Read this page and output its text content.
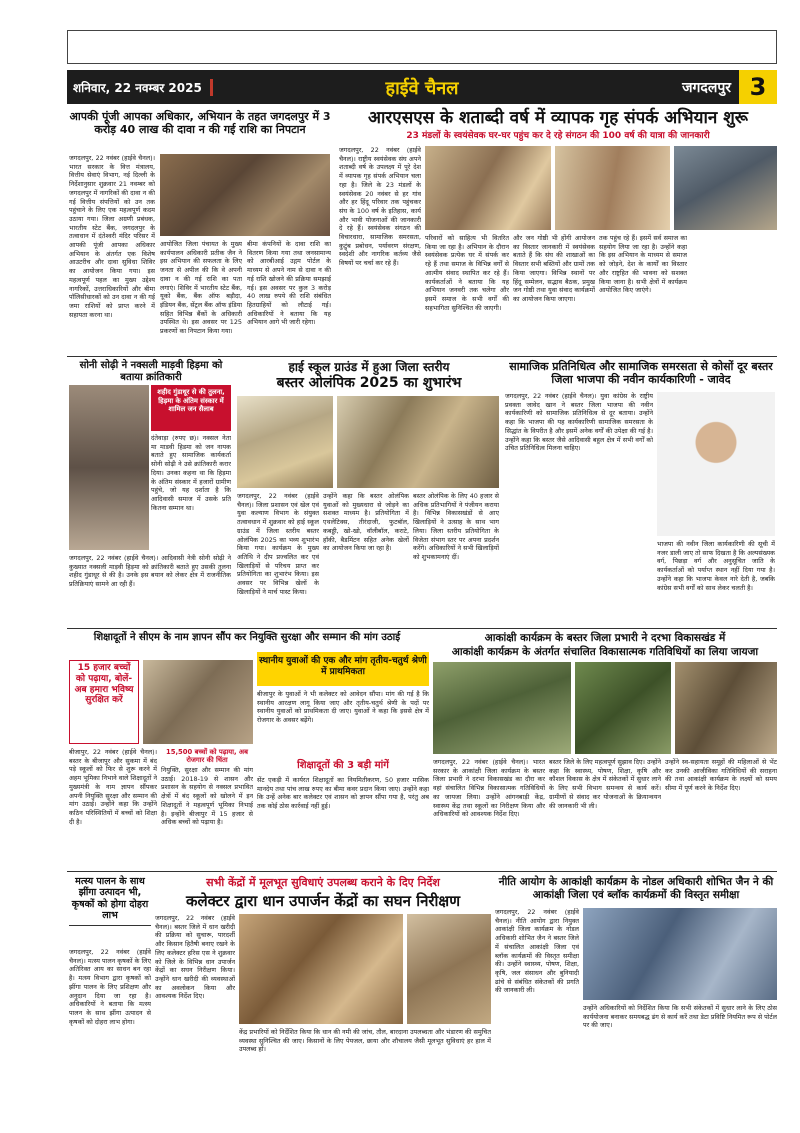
शनिवार, 22 नवम्बर 2025	हाईवे चैनल	जगदलपुर 3
आपकी पूंजी आपका अधिकार, अभियान के तहत जगदलपुर में 3 करोड़ 40 लाख की दावा न की गई राशि का निपटान
जगदलपुर, 22 नवंबर (हाईवे चैनल)। भारत सरकार के वित्त मंत्रालय, वित्तीय सेवाएं विभाग, नई दिल्ली के निर्देशानुसार शुक्रवार 21 नवम्बर को जगदलपुर में नागरिकों की दावा न की गई वित्तीय संपत्तियों को उन तक पहुंचाने के लिए एक महत्वपूर्ण कदम उठाया गया। जिला अग्रणी प्रबंधक, भारतीय स्टेट बैंक, जगदलपुर के तत्वाधान में दंतेश्वरी मंदिर परिसर में आपकी पूंजी आपका अधिकार अभियान के अंतर्गत एक विशेष आउटरीच और दावा सुविधा शिविर का आयोजन किया गया। इस महत्वपूर्ण पहल का मुख्य उद्देश्य नागरिकों, उत्तराधिकारियों और बीमा पॉलिसीधारकों को उन दावा न की गई जमा राशियों को प्राप्त करने में सहायता करना था।
आयोजित जिला पंचायत के मुख्य कार्यपालन अधिकारी प्रतीक जैन ने इस अभियान की सफलता के लिए जनता से अपील की कि वे अपनी दावा न की गई राशि का पता लगाएं। शिविर में भारतीय स्टेट बैंक, यूको बैंक, बैंक ऑफ बड़ौदा, इंडियन बैंक, सेंट्रल बैंक ऑफ इंडिया सहित विभिन्न बैंकों के अधिकारी उपस्थित थे। इस अवसर पर 125 प्रकरणों का निपटान किया गया।
बीमा कंपनियों के दावा राशि का वितरण किया गया तथा जनसामान्य को आरबीआई उद्गम पोर्टल के माध्यम से अपने नाम से दावा न की गई राशि खोजने की प्रक्रिया समझाई गई। इस अवसर पर कुल 3 करोड़ 40 लाख रुपये की राशि संबंधित हितग्राहियों को लौटाई गई। अधिकारियों ने बताया कि यह अभियान आगे भी जारी रहेगा।
आरएसएस के शताब्दी वर्ष में व्यापक गृह संपर्क अभियान शुरू
23 मंडलों के स्वयंसेवक घर-घर पहुंच कर दे रहे संगठन की 100 वर्ष की यात्रा की जानकारी
जगदलपुर, 22 नवंबर (हाईवे चैनल)। राष्ट्रीय स्वयंसेवक संघ अपने शताब्दी वर्ष के उपलक्ष्य में पूरे देश में व्यापक गृह संपर्क अभियान चला रहा है। जिले के 23 मंडलों के स्वयंसेवक 20 नवंबर से हर गांव और हर हिंदू परिवार तक पहुंचकर संघ के 100 वर्ष के इतिहास, कार्य और भावी योजनाओं की जानकारी दे रहे हैं। स्वयंसेवक संगठन की विचारधारा, सामाजिक समरसता, कुटुंब प्रबोधन, पर्यावरण संरक्षण, स्वदेशी और नागरिक कर्तव्य जैसे विषयों पर चर्चा कर रहे हैं।
परिवारों को साहित्य भी वितरित किया जा रहा है। अभियान के दौरान स्वयंसेवक प्रत्येक घर में संपर्क कर रहे हैं तथा समाज के विभिन्न वर्गों से आत्मीय संवाद स्थापित कर रहे हैं। कार्यकर्ताओं ने बताया कि यह अभियान जनवरी तक चलेगा और इसमें समाज के सभी वर्गों की सहभागिता सुनिश्चित की जाएगी।
और जन गोष्ठी भी होंगी आयोजन का विस्तार जानकारी में स्वयंसेवक बताते हैं कि संघ की शाखाओं का विस्तार सभी बस्तियों और ग्रामों तक किया जाएगा। विभिन्न स्थानों पर हिंदू सम्मेलन, सद्भाव बैठक, प्रमुख जन गोष्ठी तथा युवा संवाद कार्यक्रमों का आयोजन किया जाएगा।
तक पहुंच रहे हैं। इसमें सर्व समाज का सहयोग लिया जा रहा है। उन्होंने कहा कि इस अभियान के माध्यम से समाज को जोड़ने, देश के कार्यों का विस्तार और राष्ट्रहित की भावना को सशक्त किया जाना है। सभी क्षेत्रों में कार्यक्रम आयोजित किए जाएंगे।
सोनी सोढ़ी ने नक्सली माड़वी हिड़मा को बताया क्रांतिकारी
शहीद गुंडाधूर से की तुलना, हिड़मा के अंतिम संस्कार में शामिल जन सैलाब
दंतेवाड़ा (रुपए छ)। नक्सल नेता मा माडवी हिडमा को जन नायक बताते हुए सामाजिक कार्यकर्ता सोनी सोढ़ी ने उसे क्रांतिकारी करार दिया। उनका कहना था कि हिड़मा के अंतिम संस्कार में हजारों ग्रामीण पहुंचे, जो यह दर्शाता है कि आदिवासी समाज में उसके प्रति कितना सम्मान था।
जगदलपुर, 22 नवंबर (हाईवे चैनल)। आदिवासी नेत्री सोनी सोढ़ी ने कुख्यात नक्सली माड़वी हिड़मा को क्रांतिकारी बताते हुए उसकी तुलना शहीद गुंडाधूर से की है। उनके इस बयान को लेकर क्षेत्र में राजनीतिक प्रतिक्रियाएं सामने आ रही हैं।
हाई स्कूल ग्राउंड में हुआ जिला स्तरीय
बस्तर ओलंपिक 2025 का शुभारंभ
जगदलपुर, 22 नवंबर (हाईवे चैनल)। जिला प्रशासन एवं खेल एवं युवा कल्याण विभाग के संयुक्त तत्वावधान में शुक्रवार को हाई स्कूल ग्राउंड में जिला स्तरीय बस्तर ओलंपिक 2025 का भव्य शुभारंभ किया गया। कार्यक्रम के मुख्य अतिथि ने दीप प्रज्वलित कर एवं खिलाड़ियों से परिचय प्राप्त कर प्रतियोगिता का शुभारंभ किया। इस अवसर पर विभिन्न खेलों के खिलाड़ियों ने मार्च पास्ट किया।
उन्होंने कहा कि बस्तर ओलंपिक युवाओं को मुख्यधारा से जोड़ने का सशक्त माध्यम है। प्रतियोगिता में एथलेटिक्स, तीरंदाजी, फुटबॉल, कबड्डी, खो-खो, वॉलीबॉल, कराटे, हॉकी, बैडमिंटन सहित अनेक खेलों का आयोजन किया जा रहा है।
बस्तर ओलंपिक के लिए 40 हजार से अधिक प्रतिभागियों ने पंजीयन कराया है। विभिन्न विकासखंडों से आए खिलाड़ियों ने उत्साह के साथ भाग लिया। जिला स्तरीय प्रतियोगिता के विजेता संभाग स्तर पर अपना प्रदर्शन करेंगे। अधिकारियों ने सभी खिलाड़ियों को शुभकामनाएं दीं।
सामाजिक प्रतिनिधित्व और सामाजिक समरसता से कोसों दूर बस्तर जिला भाजपा की नवीन कार्यकारिणी - जावेद
जगदलपुर, 22 नवंबर (हाईवे चैनल)। युवा कांग्रेस के राष्ट्रीय प्रवक्ता जावेद खान ने बस्तर जिला भाजपा की नवीन कार्यकारिणी को सामाजिक प्रतिनिधित्व से दूर बताया। उन्होंने कहा कि भाजपा की यह कार्यकारिणी सामाजिक समरसता के सिद्धांत के विपरीत है और इसमें अनेक वर्गों की उपेक्षा की गई है। उन्होंने कहा कि बस्तर जैसे आदिवासी बहुल क्षेत्र में सभी वर्गों को उचित प्रतिनिधित्व मिलना चाहिए।
भाजपा की नवीन जिला कार्यकारिणी की सूची में नजर डाली जाए तो साफ दिखता है कि अल्पसंख्यक वर्ग, पिछड़ा वर्ग और अनुसूचित जाति के कार्यकर्ताओं को पर्याप्त स्थान नहीं दिया गया है। उन्होंने कहा कि भाजपा केवल नारे देती है, जबकि कांग्रेस सभी वर्गों को साथ लेकर चलती है।
शिक्षादूतों ने सीएम के नाम ज्ञापन सौंप कर नियुक्ति सुरक्षा और सम्मान की मांग उठाई
15 हजार बच्चों को पढ़ाया, बोलें-अब हमारा भविष्य सुरक्षित करें
स्थानीय युवाओं की एक और मांग तृतीय-चतुर्थ श्रेणी में प्राथमिकता
बीजापुर, 22 नवंबर (हाईवे चैनल)। बस्तर के बीजापुर और सुकमा में बंद पड़े स्कूलों को फिर से शुरू करने में अहम भूमिका निभाने वाले शिक्षादूतों ने मुख्यमंत्री के नाम ज्ञापन सौंपकर अपनी नियुक्ति सुरक्षा और सम्मान की मांग उठाई। उन्होंने कहा कि उन्होंने कठिन परिस्थितियों में बच्चों को शिक्षा दी है।
15,500 बच्चों को पढ़ाया, अब रोजगार की चिंता
नियुक्ति, सुरक्षा और सम्मान की मांग उठाई। 2018-19 से शासन और प्रशासन के सहयोग से नक्सल प्रभावित क्षेत्रों में बंद स्कूलों को खोलने में इन शिक्षादूतों ने महत्वपूर्ण भूमिका निभाई है। इन्होंने बीजापुर में 15 हजार से अधिक बच्चों को पढ़ाया है।
बीजापुर के युवाओं ने भी कलेक्टर को आवेदन सौंपा। मांग की गई है कि स्थानीय आरक्षण लागू किया जाए और तृतीय-चतुर्थ श्रेणी के पदों पर स्थानीय युवाओं को प्राथमिकता दी जाए। युवाओं ने कहा कि इससे क्षेत्र में रोजगार के अवसर बढ़ेंगे।
शिक्षादूतों की 3 बड़ी मांगें
सेंट एकड़ी में कार्यरत शिक्षादूतों का नियमितीकरण, 50 हजार मासिक मानदेय तथा पांच लाख रुपए का बीमा कवर प्रदान किया जाए। उन्होंने कहा कि उन्हें अनेक बार कलेक्टर एवं शासन को ज्ञापन सौंपा गया है, परंतु अब तक कोई ठोस कार्रवाई नहीं हुई।
आकांक्षी कार्यक्रम के बस्तर जिला प्रभारी ने दरभा विकासखंड में
आकांक्षी कार्यक्रम के अंतर्गत संचालित विकासात्मक गतिविधियों का लिया जायजा
जगदलपुर, 22 नवंबर (हाईवे चैनल)। भारत सरकार के आकांक्षी जिला कार्यक्रम के बस्तर जिला प्रभारी ने दरभा विकासखंड का दौरा कर वहां संचालित विभिन्न विकासात्मक गतिविधियों का जायजा लिया। उन्होंने आंगनबाड़ी केंद्र, स्वास्थ्य केंद्र तथा स्कूलों का निरीक्षण किया और अधिकारियों को आवश्यक निर्देश दिए।
बस्तर जिले के लिए महत्वपूर्ण सुझाव दिए। उन्होंने कहा कि स्वास्थ्य, पोषण, शिक्षा, कृषि और कौशल विकास के क्षेत्र में संकेतकों में सुधार लाने के लिए सभी विभाग समन्वय से कार्य करें। ग्रामीणों से संवाद कर योजनाओं के क्रियान्वयन की जानकारी भी ली।
उन्होंने स्व-सहायता समूहों की महिलाओं से भेंट कर उनकी आजीविका गतिविधियों की सराहना की तथा आकांक्षी कार्यक्रम के लक्ष्यों को समय सीमा में पूर्ण करने के निर्देश दिए।
मत्स्य पालन के साथ झींगा उत्पादन भी, कृषकों को होगा दोहरा लाभ
जगदलपुर, 22 नवंबर (हाईवे चैनल)। मत्स्य पालन कृषकों के लिए अतिरिक्त आय का साधन बन रहा है। मत्स्य विभाग द्वारा कृषकों को झींगा पालन के लिए प्रशिक्षण और अनुदान दिया जा रहा है। अधिकारियों ने बताया कि मत्स्य पालन के साथ झींगा उत्पादन से कृषकों को दोहरा लाभ होगा।
सभी केंद्रों में मूलभूत सुविधाएं उपलब्ध कराने के दिए निर्देश
कलेक्टर द्वारा धान उपार्जन केंद्रों का सघन निरीक्षण
जगदलपुर, 22 नवंबर (हाईवे चैनल)। बस्तर जिले में धान खरीदी की प्रक्रिया को सुचारू, पारदर्शी और किसान हितैषी बनाए रखने के लिए कलेक्टर हरिस एस ने शुक्रवार को जिले के विभिन्न धान उपार्जन केंद्रों का सघन निरीक्षण किया। उन्होंने धान खरीदी की व्यवस्थाओं का अवलोकन किया और आवश्यक निर्देश दिए।
केंद्र प्रभारियों को निर्देशित किया कि धान की नमी की जांच, तौल, बारदाना उपलब्धता और भंडारण की समुचित व्यवस्था सुनिश्चित की जाए। किसानों के लिए पेयजल, छाया और शौचालय जैसी मूलभूत सुविधाएं हर हाल में उपलब्ध हों।
नीति आयोग के आकांक्षी कार्यक्रम के नोडल अधिकारी शोभित जैन ने की आकांक्षी जिला एवं ब्लॉक कार्यक्रमों की विस्तृत समीक्षा
जगदलपुर, 22 नवंबर (हाईवे चैनल)। नीति आयोग द्वारा नियुक्त आकांक्षी जिला कार्यक्रम के नोडल अधिकारी शोभित जैन ने बस्तर जिले में संचालित आकांक्षी जिला एवं ब्लॉक कार्यक्रमों की विस्तृत समीक्षा की। उन्होंने स्वास्थ्य, पोषण, शिक्षा, कृषि, जल संसाधन और बुनियादी ढांचे से संबंधित संकेतकों की प्रगति की जानकारी ली।
उन्होंने अधिकारियों को निर्देशित किया कि सभी संकेतकों में सुधार लाने के लिए ठोस कार्ययोजना बनाकर समयबद्ध ढंग से कार्य करें तथा डेटा प्रविष्टि नियमित रूप से पोर्टल पर की जाए।
